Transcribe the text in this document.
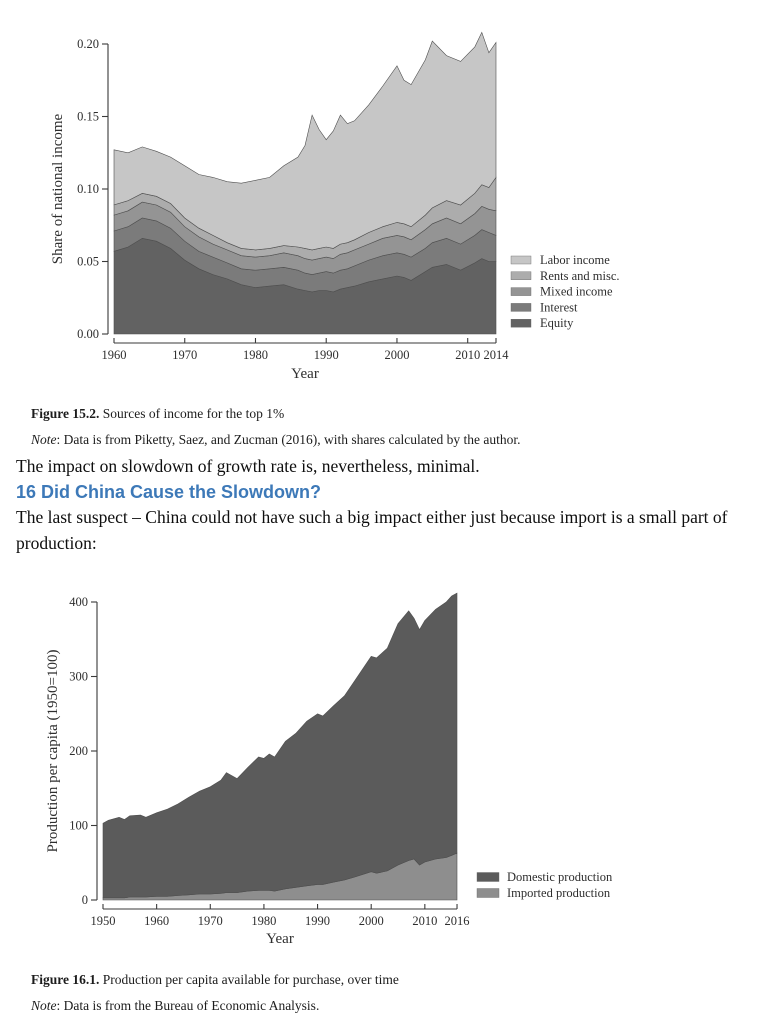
0.00
0.05
0.10
0.15
0.20
1960	1970	1980	1990	2000	2010 2014
Year
Share of national income	Labor income
Rents and misc.
Mixed income
Interest
Equity

Figure 15.2. Sources of income for the top 1%

Note: Data is from Piketty, Saez, and Zucman (2016), with shares calculated by the author.

The impact on slowdown of growth rate is, nevertheless, minimal.

16 Did China Cause the Slowdown?

The last suspect – China could not have such a big impact either just because import is a small part of production:

0
100
200
300
400
1950 1960 1970 1980 1990 2000 2010 2016
Year
Production per capita (1950=100)
Domestic production
Imported production

Figure 16.1. Production per capita available for purchase, over time

Note: Data is from the Bureau of Economic Analysis.
